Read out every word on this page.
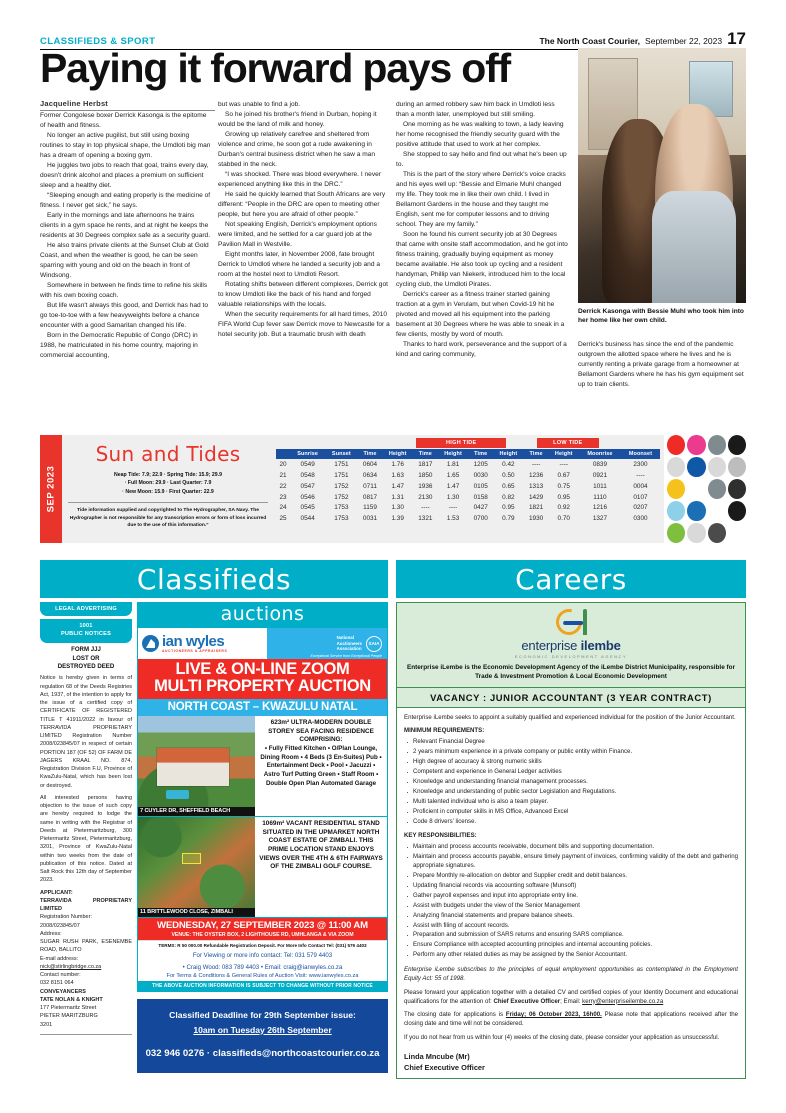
CLASSIFIEDS & SPORT	The North Coast Courier, September 22, 2023 17
Paying it forward pays off
Jacqueline Herbst

Former Congolese boxer Derrick Kasonga is the epitome of health and fitness.

No longer an active pugilist, but still using boxing routines to stay in top physical shape, the Umdloti big man has a dream of opening a boxing gym.

He juggles two jobs to reach that goal, trains every day, doesn't drink alcohol and places a premium on sufficient sleep and a healthy diet.

“Sleeping enough and eating properly is the medicine of fitness. I never get sick,” he says.

Early in the mornings and late afternoons he trains clients in a gym space he rents, and at night he keeps the residents at 30 Degrees complex safe as a security guard.

He also trains private clients at the Sunset Club at Gold Coast, and when the weather is good, he can be seen sparring with young and old on the beach in front of Windsong.

Somewhere in between he finds time to refine his skills with his own boxing coach.

But life wasn't always this good, and Derrick has had to go toe-to-toe with a few heavyweights before a chance encounter with a good Samaritan changed his life.

Born in the Democratic Republic of Congo (DRC) in 1988, he matriculated in his home country, majoring in commercial accounting,

but was unable to find a job.

So he joined his brother's friend in Durban, hoping it would be the land of milk and honey.

Growing up relatively carefree and sheltered from violence and crime, he soon got a rude awakening in Durban's central business district when he saw a man stabbed in the neck.

“I was shocked. There was blood everywhere. I never experienced anything like this in the DRC.”

He said he quickly learned that South Africans are very different: “People in the DRC are open to meeting other people, but here you are afraid of other people.”

Not speaking English, Derrick's employment options were limited, and he settled for a car guard job at the Pavilion Mall in Westville.

Eight months later, in November 2008, fate brought Derrick to Umdloti where he landed a security job and a room at the hostel next to Umdloti Resort.

Rotating shifts between different complexes, Derrick got to know Umdloti like the back of his hand and forged valuable relationships with the locals.

When the security requirements for all hard times, 2010 FIFA World Cup fever saw Derrick move to Newcastle for a hotel security job. But a traumatic brush with death

during an armed robbery saw him back in Umdloti less than a month later, unemployed but still smiling.

One morning as he was walking to town, a lady leaving her home recognised the friendly security guard with the positive attitude that used to work at her complex.

She stopped to say hello and find out what he's been up to.

This is the part of the story where Derrick's voice cracks and his eyes well up: “Bessie and Elmarie Muhl changed my life. They took me in like their own child. I lived in Bellamont Gardens in the house and they taught me English, sent me for computer lessons and to driving school. They are my family.”

Soon he found his current security job at 30 Degrees that came with onsite staff accommodation, and he got into fitness training, gradually buying equipment as money became available. He also took up cycling and a resident handyman, Phillip van Niekerk, introduced him to the local cycling club, the Umdloti Pirates.

Derrick's career as a fitness trainer started gaining traction at a gym in Verulam, but when Covid-19 hit he pivoted and moved all his equipment into the parking basement at 30 Degrees where he was able to sneak in a few clients, mostly by word of mouth.

Thanks to hard work, perseverance and the support of a kind and caring community,

Derrick's business has since the end of the pandemic outgrown the allotted space where he lives and he is currently renting a private garage from a homeowner at Bellamont Gardens where he has his gym equipment set up to train clients.

Derrick Kasonga with Bessie Muhl who took him into her home like her own child.
SEP 2023
Sun and Tides
Neap Tide: 7.9; 22.9 · Spring Tide: 15.9; 29.9
· Full Moon: 29.9 · Last Quarter: 7.9
· New Moon: 15.9 · First Quarter: 22.9
Tide information supplied and copyrighted to The Hydrographer, SA Navy. The Hydrographer is not responsible for any transcription errors or form of loss incurred due to the use of this information.”
HIGH TIDE	LOW TIDE
	Sunrise	Sunset	Time	Height	Time	Height	Time	Height	Time	Height	Moonrise	Moonset
20	0549	1751	0604	1.76	1817	1.81	1205	0.42	----	----	0839	2300
21	0548	1751	0634	1.63	1850	1.65	0030	0.50	1236	0.67	0921	----
22	0547	1752	0711	1.47	1936	1.47	0105	0.65	1313	0.75	1011	0004
23	0546	1752	0817	1.31	2130	1.30	0158	0.82	1429	0.95	1110	0107
24	0545	1753	1159	1.30	----	----	0427	0.95	1821	0.92	1216	0207
25	0544	1753	0031	1.39	1321	1.53	0700	0.79	1930	0.70	1327	0300
Classifieds	Careers
LEGAL ADVERTISING
1001
PUBLIC NOTICES
FORM JJJ
LOST OR
DESTROYED DEED

Notice is hereby given in terms of regulation 68 of the Deeds Registries Act, 1937, of the intention to apply for the issue of a certified copy of CERTIFICATE OF REGISTERED TITLE T 41911/2022 in favour of TERRAVIDA PROPRIETARY LIMITED Registration Number 2008/023845/07 in respect of certain PORTION 187 (OF 52) OF FARM DE JAGERS KRAAL NO. 874, Registration Division F.U, Province of KwaZulu-Natal, which has been lost or destroyed.

All interested persons having objection to the issue of such copy are hereby required to lodge the same in writing with the Registrar of Deeds at Pietermaritzburg, 300 Pietermaritz Street, Pietermaritzburg, 3201, Province of KwaZulu-Natal within two weeks from the date of publication of this notice. Dated at Salt Rock this 12th day of September 2023.

APPLICANT:
TERRAVIDA PROPRIETARY LIMITED
Registration Number:
2008/023845/07
Address:
SUGAR RUSH PARK, ESENEMBE ROAD, BALLITO
E-mail address:
nick@stirlingbridge.co.za
Contact number:
032 8151 064
CONVEYANCERS
TATE NOLAN & KNIGHT
177 Pietermaritz Street
PIETER MARITZBURG
3201
auctions
ian wyles
AUCTIONEERS & APPRAISERS
National
Auctioneers
Association
SAIA
Exceptional Service from Exceptional People
LIVE & ON-LINE ZOOM
MULTI PROPERTY AUCTION
NORTH COAST – KWAZULU NATAL
7 CUYLER DR, SHEFFIELD BEACH
623m² ULTRA-MODERN DOUBLE STOREY SEA FACING RESIDENCE COMPRISING:
• Fully Fitted Kitchen • O/Plan Lounge, Dining Room • 4 Beds (3 En-Suites) Pub • Entertainment Deck • Pool • Jacuzzi • Astro Turf Putting Green • Staff Room • Double Open Plan Automated Garage
11 BRITTLEWOOD CLOSE, ZIMBALI
1069m² VACANT RESIDENTIAL STAND SITUATED IN THE UPMARKET NORTH COAST ESTATE OF ZIMBALI. THIS PRIME LOCATION STAND ENJOYS VIEWS OVER THE 4TH & 6TH FAIRWAYS OF THE ZIMBALI GOLF COURSE.
WEDNESDAY, 27 SEPTEMBER 2023 @ 11:00 AM
VENUE: THE OYSTER BOX, 2 LIGHTHOUSE RD, UMHLANGA & VIA ZOOM
TERMS: R 50 000.00 Refundable Registration Deposit. For More Info Contact Tel: (031) 579 4403
For Viewing or more info contact: Tel: 031 579 4403
• Craig Wood: 083 789 4403 • Email: craig@ianwyles.co.za
For Terms & Conditions & General Rules of Auction Visit: www.ianwyles.co.za
THE ABOVE AUCTION INFORMATION IS SUBJECT TO CHANGE WITHOUT PRIOR NOTICE
Classified Deadline for 29th September issue:
10am on Tuesday 26th September
032 946 0276 · classifieds@northcoastcourier.co.za
enterprise ilembe
ECONOMIC DEVELOPMENT AGENCY
Enterprise iLembe is the Economic Development Agency of the iLembe District Municipality, responsible for Trade & Investment Promotion & Local Economic Development
VACANCY : JUNIOR ACCOUNTANT (3 YEAR CONTRACT)

Enterprise iLembe seeks to appoint a suitably qualified and experienced individual for the position of the Junior Accountant.

MINIMUM REQUIREMENTS:
· Relevant Financial Degree
· 2 years minimum experience in a private company or public entity within Finance.
· High degree of accuracy & strong numeric skills
· Competent and experience in General Ledger activities
· Knowledge and understanding financial management processes.
· Knowledge and understanding of public sector Legislation and Regulations.
· Multi talented individual who is also a team player.
· Proficient in computer skills in MS Office, Advanced Excel
· Code 8 drivers' license.
KEY RESPONSIBILITIES:
· Maintain and process accounts receivable, document bills and supporting documentation.
· Maintain and process accounts payable, ensure timely payment of invoices, confirming validity of the debt and gathering appropriate signatures.
· Prepare Monthly re-allocation on debtor and Supplier credit and debit balances.
· Updating financial records via accounting software (Munsoft)
· Gather payroll expenses and input into appropriate entry line.
· Assist with budgets under the view of the Senior Management
· Analyzing financial statements and prepare balance sheets.
· Assist with filing of account records.
· Preparation and submission of SARS returns and ensuring SARS compliance.
· Ensure Compliance with accepted accounting principles and internal accounting policies.
· Perform any other related duties as may be assigned by the Senior Accountant.

Enterprise iLembe subscribes to the principles of equal employment opportunities as contemplated in the Employment Equity Act: 55 of 1998.

Please forward your application together with a detailed CV and certified copies of your Identity Document and educational qualifications for the attention of: Chief Executive Officer; Email: kerry@enterpriseilembe.co.za

The closing date for applications is Friday; 06 October 2023, 16h00. Please note that applications received after the closing date and time will not be considered.

If you do not hear from us within four (4) weeks of the closing date, please consider your application as unsuccessful.

Linda Mncube (Mr)
Chief Executive Officer
